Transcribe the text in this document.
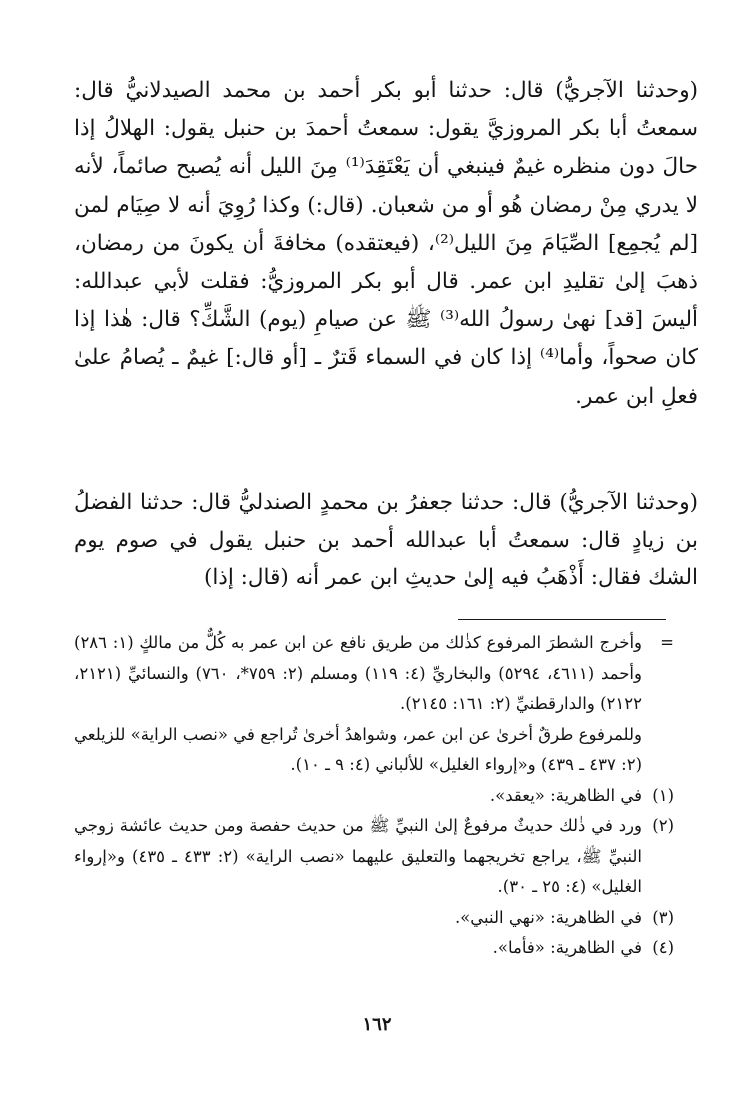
(وحدثنا الآجريُّ) قال: حدثنا أبو بكر أحمد بن محمد الصيدلانيُّ قال: سمعتُ أبا بكر المروزيَّ يقول: سمعتُ أحمدَ بن حنبل يقول: الهلالُ إذا حالَ دون منظره غيمٌ فينبغي أن يَعْتَقِدَ⁽¹⁾ مِنَ الليل أنه يُصبح صائماً، لأنه لا يدري مِنْ رمضان هُو أو من شعبان. (قال:) وكذا رُوِيَ أنه لا صِيَام لمن [لم يُجمِع] الصِّيَامَ مِنَ الليل⁽²⁾، (فيعتقده) مخافةَ أن يكونَ من رمضان، ذهبَ إلىٰ تقليدِ ابن عمر. قال أبو بكر المروزيُّ: فقلت لأبي عبدالله: أليسَ [قد] نهىٰ رسولُ الله⁽³⁾ ﷺ عن صيامِ (يوم) الشَّكِّ؟ قال: هٰذا إذا كان صحواً، وأما⁽⁴⁾ إذا كان في السماء قَترٌ ـ [أو قال:] غيمٌ ـ يُصامُ علىٰ فعلِ ابن عمر.
(وحدثنا الآجريُّ) قال: حدثنا جعفرُ بن محمدٍ الصندليُّ قال: حدثنا الفضلُ بن زيادٍ قال: سمعتُ أبا عبدالله أحمد بن حنبل يقول في صوم يوم الشك فقال: أَذْهَبُ فيه إلىٰ حديثِ ابن عمر أنه (قال: إذا)
=
وأخرج الشطرَ المرفوع كذٰلك من طريق نافع عن ابن عمر به كُلٌّ من مالكٍ (١: ٢٨٦) وأحمد (٤٦١١، ٥٢٩٤) والبخاريِّ (٤: ١١٩) ومسلم (٢: ٧٥٩*، ٧٦٠) والنسائيِّ (٢١٢١، ٢١٢٢) والدارقطنيِّ (٢: ١٦١: ٢١٤٥).
وللمرفوع طرقٌ أخرىٰ عن ابن عمر، وشواهدُ أخرىٰ تُراجع في «نصب الراية» للزيلعي (٢: ٤٣٧ ـ ٤٣٩) و«إرواء الغليل» للألباني (٤: ٩ ـ ١٠).
(١)
في الظاهرية: «يعقد».
(٢)
ورد في ذٰلك حديثٌ مرفوعٌ إلىٰ النبيِّ ﷺ من حديث حفصة ومن حديث عائشة زوجي النبيِّ ﷺ، يراجع تخريجهما والتعليق عليهما «نصب الراية» (٢: ٤٣٣ ـ ٤٣٥) و«إرواء الغليل» (٤: ٢٥ ـ ٣٠).
(٣)
في الظاهرية: «نهي النبي».
(٤)
في الظاهرية: «فأما».
١٦٢
